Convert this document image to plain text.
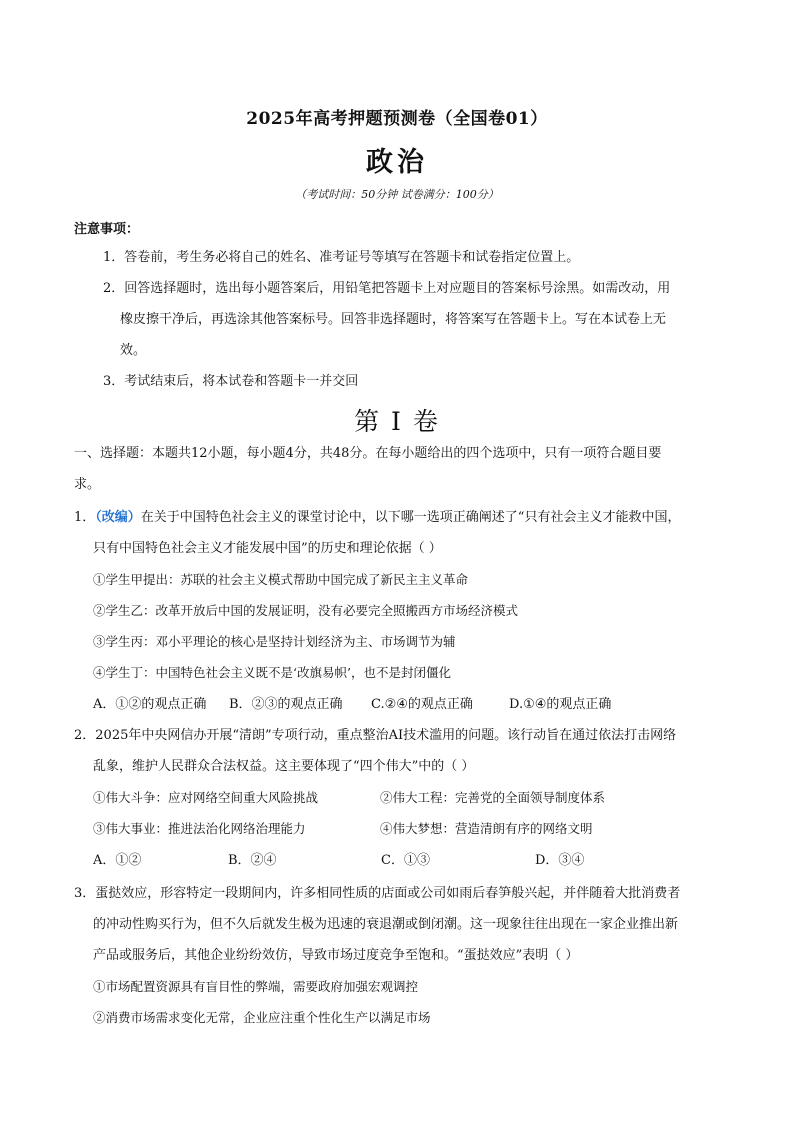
2025年高考押题预测卷（全国卷01）
政治
（考试时间：50分钟 试卷满分：100分）
注意事项：
1．答卷前，考生务必将自己的姓名、准考证号等填写在答题卡和试卷指定位置上。
2．回答选择题时，选出每小题答案后，用铅笔把答题卡上对应题目的答案标号涂黑。如需改动，用
橡皮擦干净后，再选涂其他答案标号。回答非选择题时，将答案写在答题卡上。写在本试卷上无
效。
3．考试结束后，将本试卷和答题卡一并交回
第 I 卷
一、选择题：本题共12小题，每小题4分，共48分。在每小题给出的四个选项中，只有一项符合题目要
求。
1．（改编）在关于中国特色社会主义的课堂讨论中，以下哪一选项正确阐述了“只有社会主义才能救中国，
只有中国特色社会主义才能发展中国”的历史和理论依据（ ）
①学生甲提出：苏联的社会主义模式帮助中国完成了新民主主义革命
②学生乙：改革开放后中国的发展证明，没有必要完全照搬西方市场经济模式
③学生丙：邓小平理论的核心是坚持计划经济为主、市场调节为辅
④学生丁：中国特色社会主义既不是‘改旗易帜’，也不是封闭僵化
A．①②的观点正确 B．②③的观点正确 C.②④的观点正确	D.①④的观点正确
2．2025年中央网信办开展“清朗”专项行动，重点整治AI技术滥用的问题。该行动旨在通过依法打击网络
乱象，维护人民群众合法权益。这主要体现了“四个伟大”中的（ ）
①伟大斗争：应对网络空间重大风险挑战	②伟大工程：完善党的全面领导制度体系
③伟大事业：推进法治化网络治理能力	④伟大梦想：营造清朗有序的网络文明
A．①②	B．②④	C．①③	D．③④
3．蛋挞效应，形容特定一段期间内，许多相同性质的店面或公司如雨后春笋般兴起，并伴随着大批消费者
的冲动性购买行为，但不久后就发生极为迅速的衰退潮或倒闭潮。这一现象往往出现在一家企业推出新
产品或服务后，其他企业纷纷效仿，导致市场过度竞争至饱和。“蛋挞效应”表明（ ）
①市场配置资源具有盲目性的弊端，需要政府加强宏观调控
②消费市场需求变化无常，企业应注重个性化生产以满足市场
